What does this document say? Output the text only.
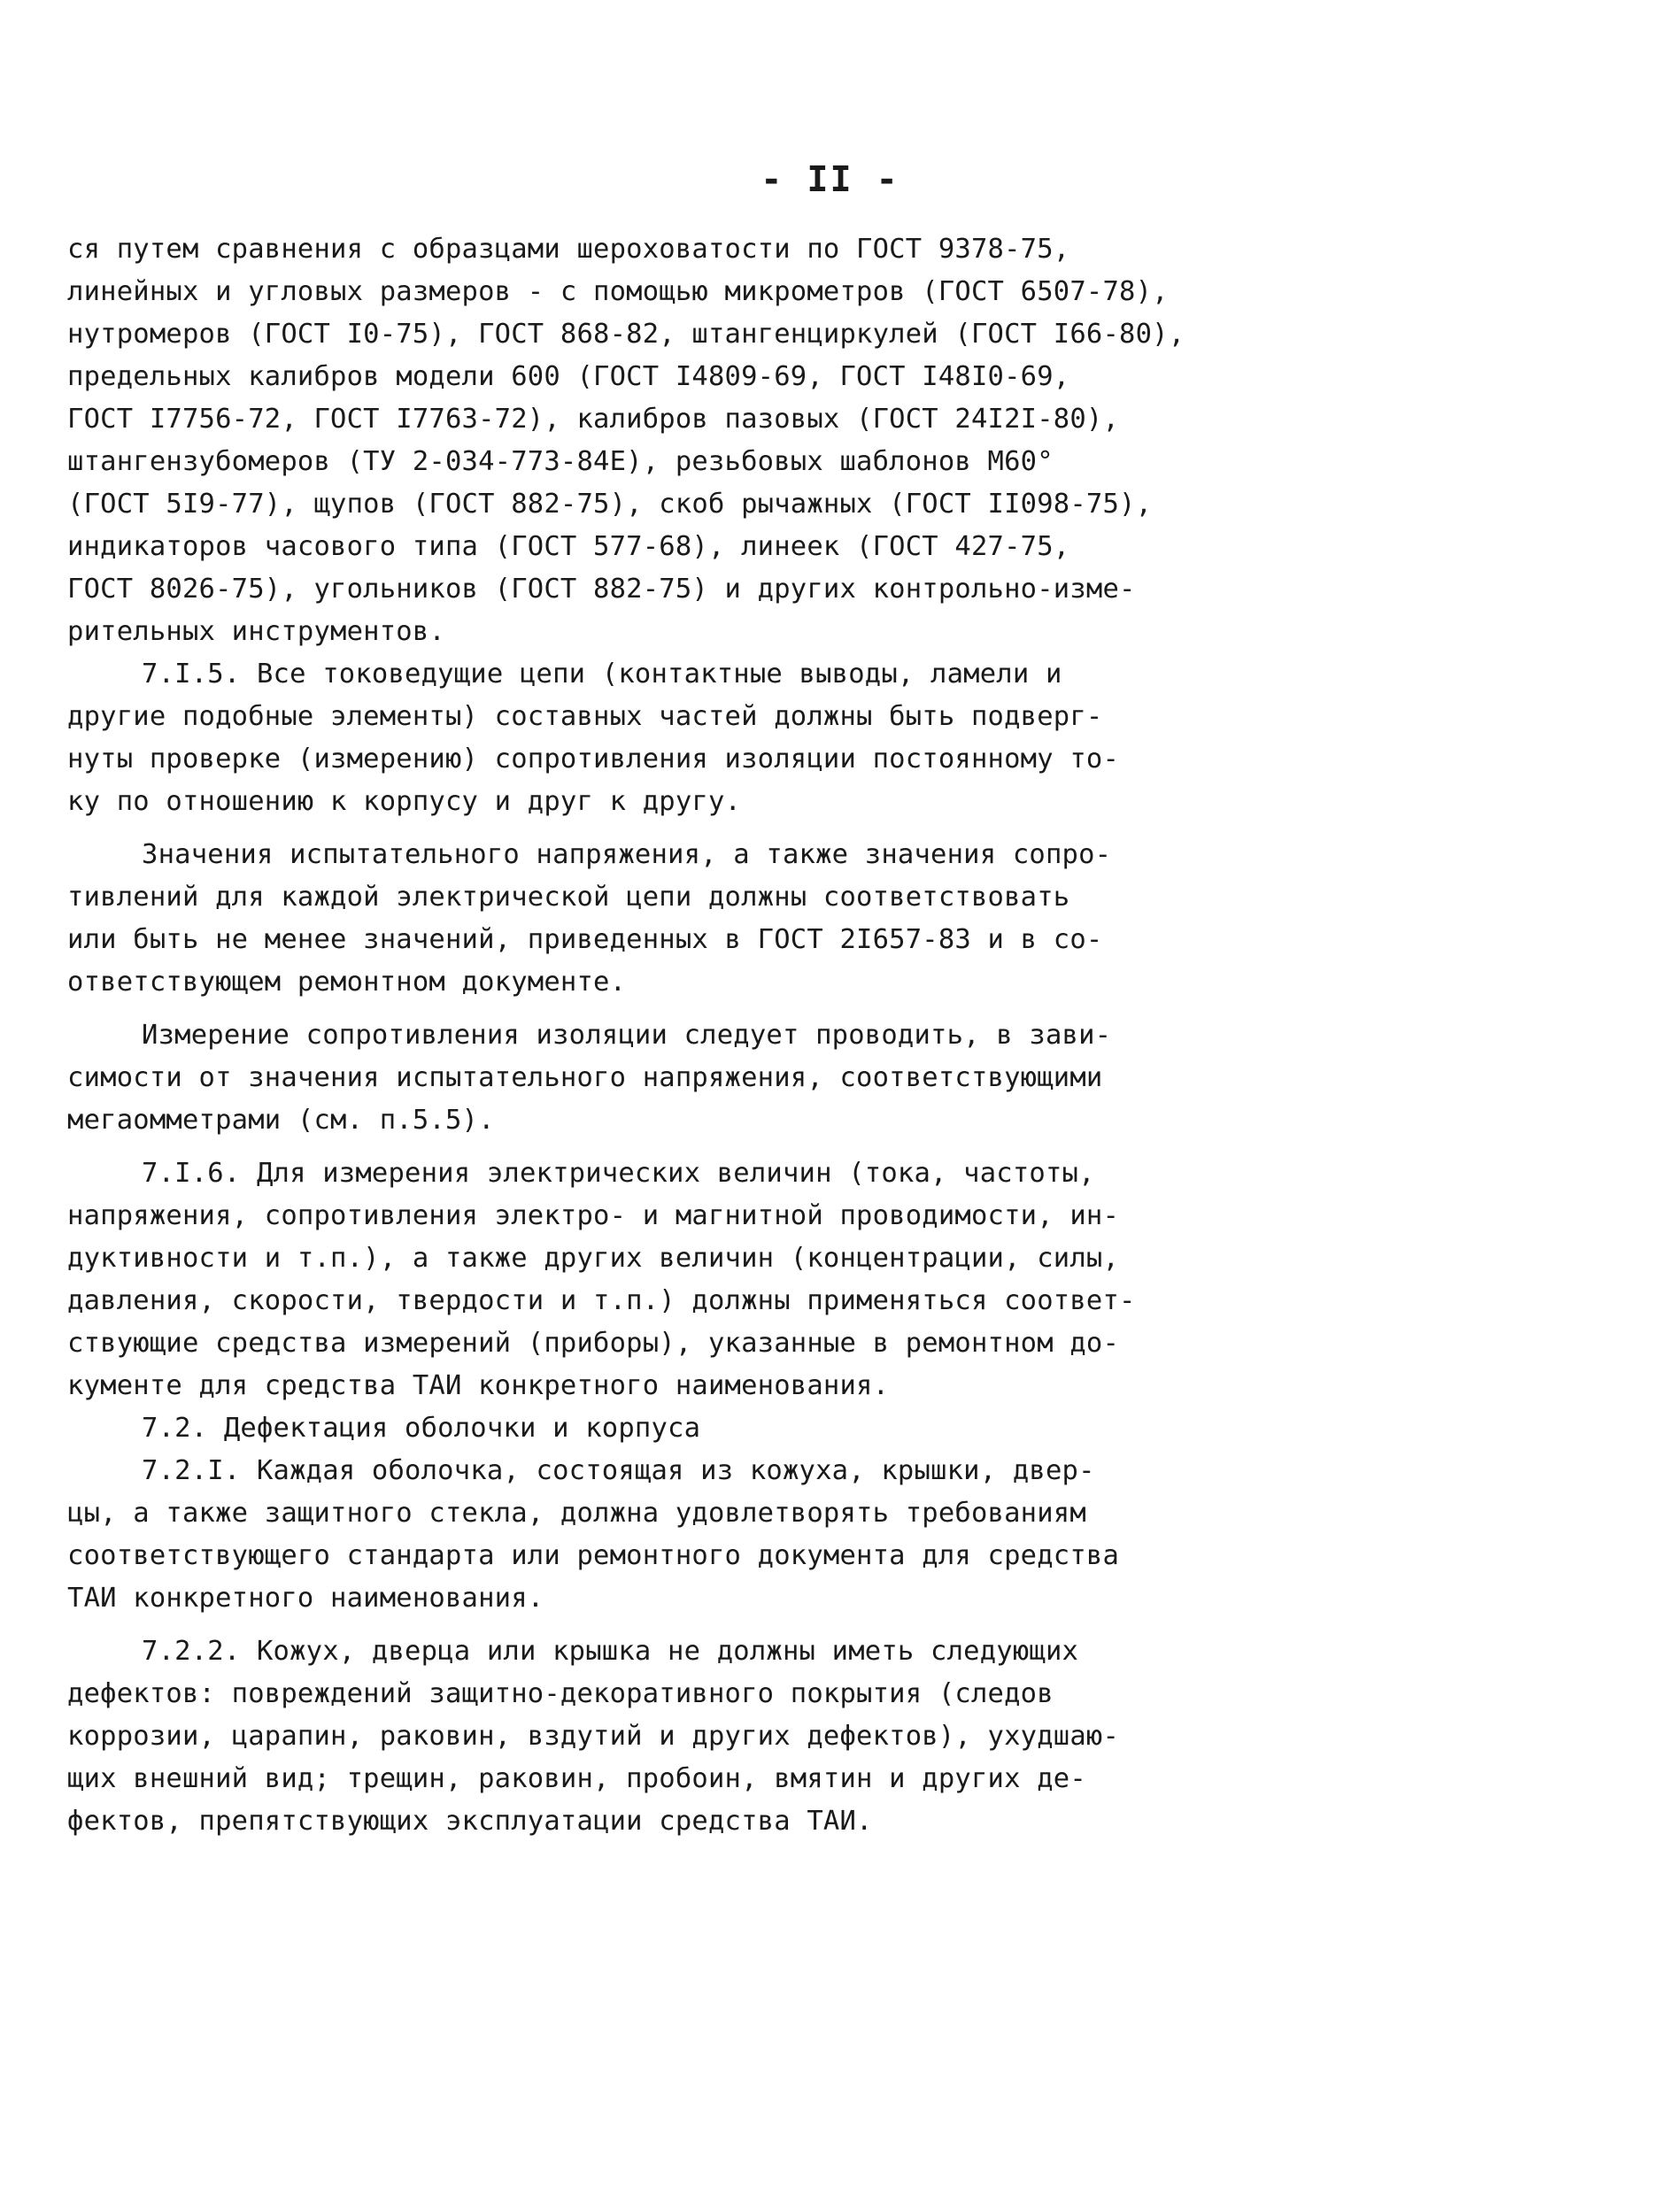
- II -
ся путем сравнения с образцами шероховатости по ГОСТ 9378-75,
линейных и угловых размеров - с помощью микрометров (ГОСТ 6507-78),
нутромеров (ГОСТ I0-75), ГОСТ 868-82, штангенциркулей (ГОСТ I66-80),
предельных калибров модели 600 (ГОСТ I4809-69, ГОСТ I48I0-69,
ГОСТ I7756-72, ГОСТ I7763-72), калибров пазовых (ГОСТ 24I2I-80),
штангензубомеров (ТУ 2-034-773-84Е), резьбовых шаблонов М60°
(ГОСТ 5I9-77), щупов (ГОСТ 882-75), скоб рычажных (ГОСТ II098-75),
индикаторов часового типа (ГОСТ 577-68), линеек (ГОСТ 427-75,
ГОСТ 8026-75), угольников (ГОСТ 882-75) и других контрольно-изме-
рительных инструментов.
7.I.5. Все токоведущие цепи (контактные выводы, ламели и
другие подобные элементы) составных частей должны быть подверг-
нуты проверке (измерению) сопротивления изоляции постоянному то-
ку по отношению к корпусу и друг к другу.
Значения испытательного напряжения, а также значения сопро-
тивлений для каждой электрической цепи должны соответствовать
или быть не менее значений, приведенных в ГОСТ 2I657-83 и в со-
ответствующем ремонтном документе.
Измерение сопротивления изоляции следует проводить, в зави-
симости от значения испытательного напряжения, соответствующими
мегаомметрами (см. п.5.5).
7.I.6. Для измерения электрических величин (тока, частоты,
напряжения, сопротивления электро- и магнитной проводимости, ин-
дуктивности и т.п.), а также других величин (концентрации, силы,
давления, скорости, твердости и т.п.) должны применяться соответ-
ствующие средства измерений (приборы), указанные в ремонтном до-
кументе для средства ТАИ конкретного наименования.
7.2. Дефектация оболочки и корпуса
7.2.I. Каждая оболочка, состоящая из кожуха, крышки, двер-
цы, а также защитного стекла, должна удовлетворять требованиям
соответствующего стандарта или ремонтного документа для средства
ТАИ конкретного наименования.
7.2.2. Кожух, дверца или крышка не должны иметь следующих
дефектов: повреждений защитно-декоративного покрытия (следов
коррозии, царапин, раковин, вздутий и других дефектов), ухудшаю-
щих внешний вид; трещин, раковин, пробоин, вмятин и других де-
фектов, препятствующих эксплуатации средства ТАИ.
